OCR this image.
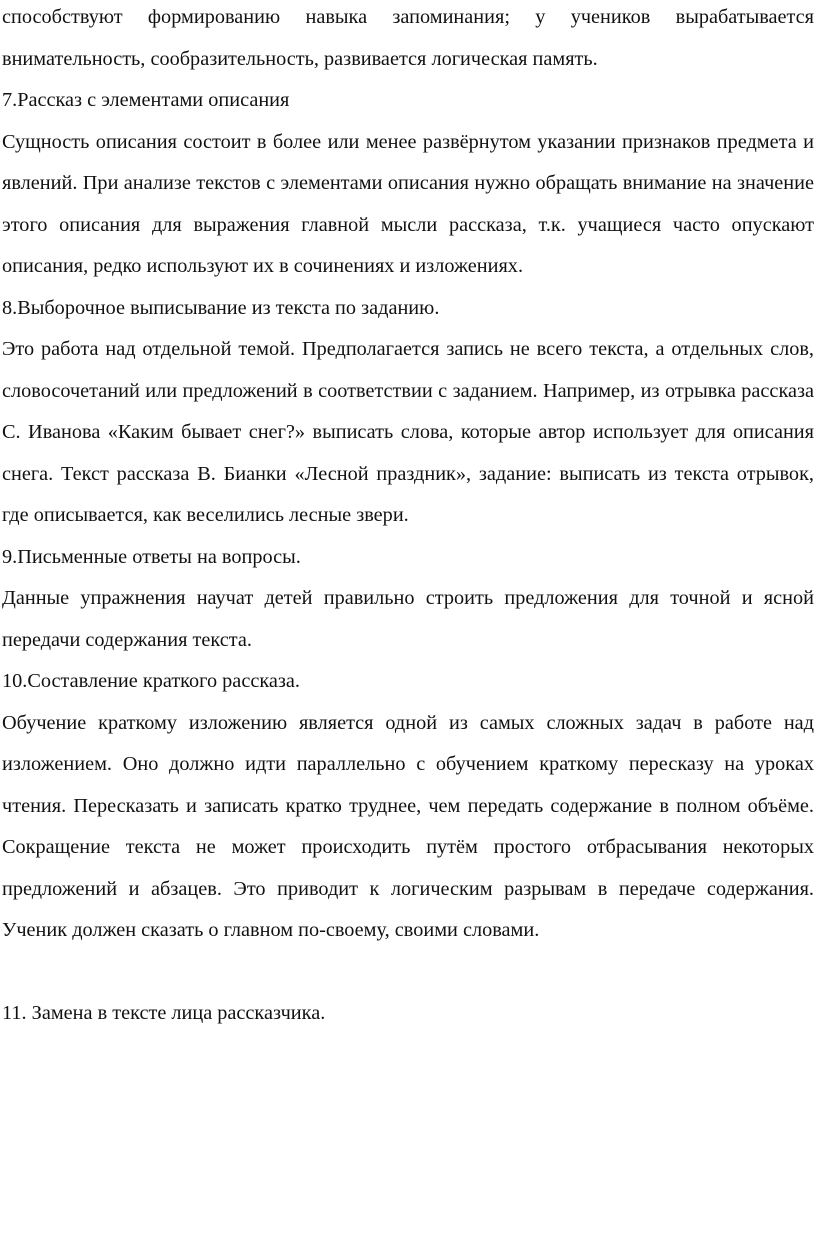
способствуют формированию навыка запоминания; у учеников вырабатывается внимательность, сообразительность, развивается логическая память.

7.Рассказ с элементами описания

Сущность описания состоит в более или менее развёрнутом указании признаков предмета и явлений. При анализе текстов с элементами описания нужно обращать внимание на значение этого описания для выражения главной мысли рассказа, т.к. учащиеся часто опускают описания, редко используют их в сочинениях и изложениях.

8.Выборочное выписывание из текста по заданию.

Это работа над отдельной темой. Предполагается запись не всего текста, а отдельных слов, словосочетаний или предложений в соответствии с заданием. Например, из отрывка рассказа С. Иванова «Каким бывает снег?» выписать слова, которые автор использует для описания снега. Текст рассказа В. Бианки «Лесной праздник», задание: выписать из текста отрывок, где описывается, как веселились лесные звери.

9.Письменные ответы на вопросы.

Данные упражнения научат детей правильно строить предложения для точной и ясной передачи содержания текста.

10.Составление краткого рассказа.

Обучение краткому изложению является одной из самых сложных задач в работе над изложением. Оно должно идти параллельно с обучением краткому пересказу на уроках чтения. Пересказать и записать кратко труднее, чем передать содержание в полном объёме. Сокращение текста не может происходить путём простого отбрасывания некоторых предложений и абзацев. Это приводит к логическим разрывам в передаче содержания. Ученик должен сказать о главном по-своему, своими словами.

11. Замена в тексте лица рассказчика.
